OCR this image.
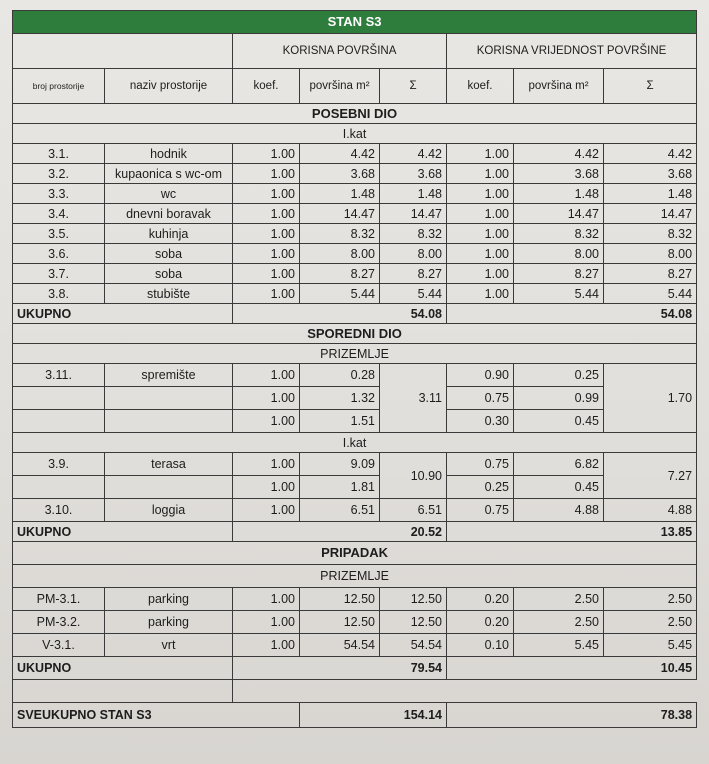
STAN S3							
		KORISNA POVRŠINA			KORISNA VRIJEDNOST POVRŠINE		
broj prostorije	naziv prostorije	koef.	površina m²	Σ	koef.	površina m²	Σ
POSEBNI DIO							
I.kat							
3.1.	hodnik	1.00	4.42	4.42	1.00	4.42	4.42
3.2.	kupaonica s wc-om	1.00	3.68	3.68	1.00	3.68	3.68
3.3.	wc	1.00	1.48	1.48	1.00	1.48	1.48
3.4.	dnevni boravak	1.00	14.47	14.47	1.00	14.47	14.47
3.5.	kuhinja	1.00	8.32	8.32	1.00	8.32	8.32
3.6.	soba	1.00	8.00	8.00	1.00	8.00	8.00
3.7.	soba	1.00	8.27	8.27	1.00	8.27	8.27
3.8.	stubište	1.00	5.44	5.44	1.00	5.44	5.44
UKUPNO		54.08			54.08		
SPOREDNI DIO							
PRIZEMLJE							
3.11.	spremište	1.00	0.28	3.11	0.90	0.25	1.70
		1.00	1.32		0.75	0.99	
		1.00	1.51		0.30	0.45	
I.kat							
3.9.	terasa	1.00	9.09	10.90	0.75	6.82	7.27
		1.00	1.81		0.25	0.45	
3.10.	loggia	1.00	6.51	6.51	0.75	4.88	4.88
UKUPNO		20.52			13.85		
PRIPADAK							
PRIZEMLJE							
PM-3.1.	parking	1.00	12.50	12.50	0.20	2.50	2.50
PM-3.2.	parking	1.00	12.50	12.50	0.20	2.50	2.50
V-3.1.	vrt	1.00	54.54	54.54	0.10	5.45	5.45
UKUPNO		79.54			10.45		

SVEUKUPNO STAN S3			154.14		78.38		
